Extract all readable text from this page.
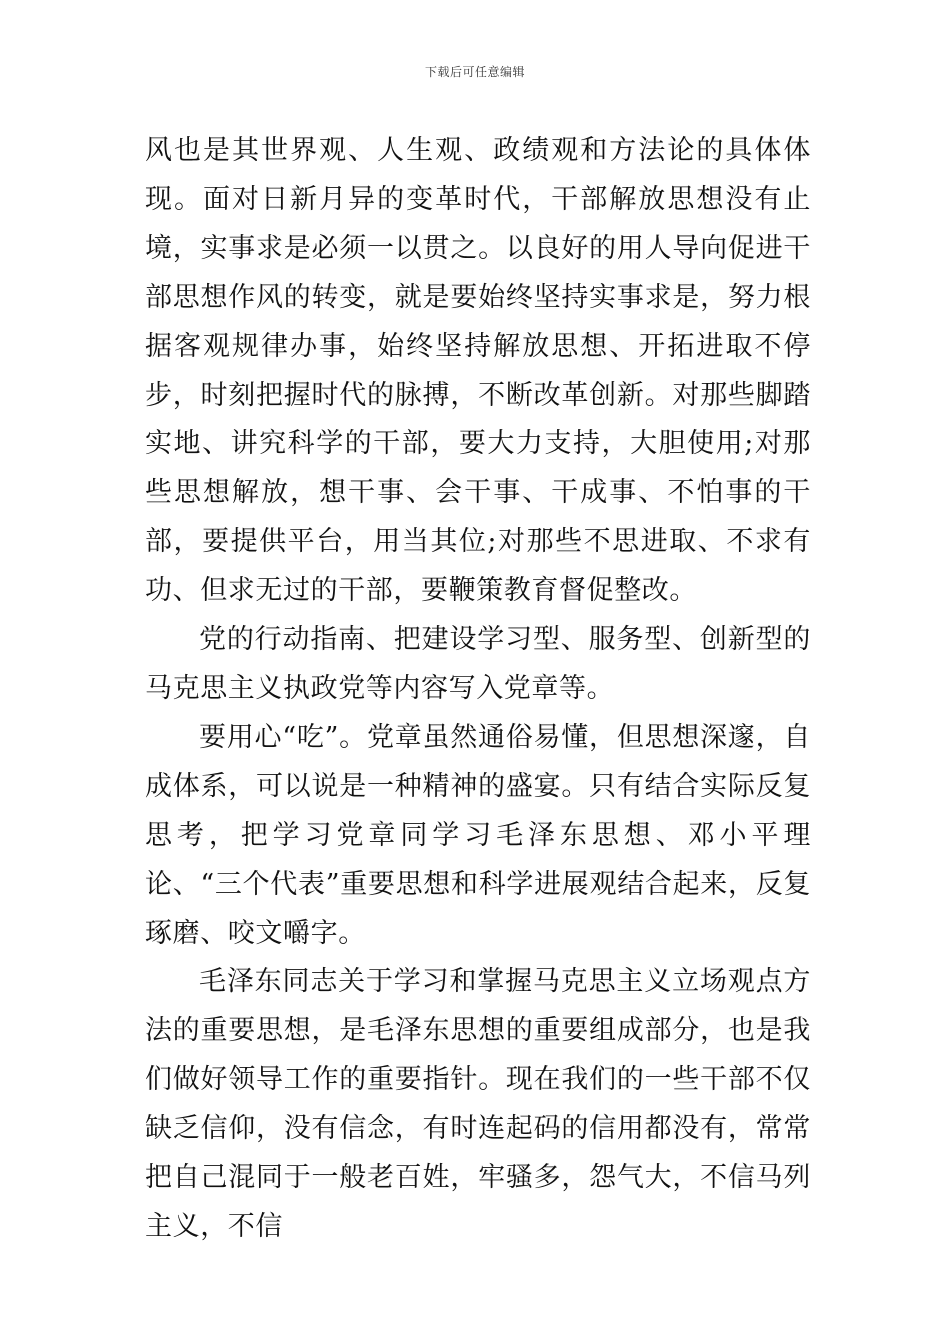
下载后可任意编辑

风也是其世界观、人生观、政绩观和方法论的具体体现。面对日新月异的变革时代，干部解放思想没有止境，实事求是必须一以贯之。以良好的用人导向促进干部思想作风的转变，就是要始终坚持实事求是，努力根据客观规律办事，始终坚持解放思想、开拓进取不停步，时刻把握时代的脉搏，不断改革创新。对那些脚踏实地、讲究科学的干部，要大力支持，大胆使用;对那些思想解放，想干事、会干事、干成事、不怕事的干部，要提供平台，用当其位;对那些不思进取、不求有功、但求无过的干部，要鞭策教育督促整改。

党的行动指南、把建设学习型、服务型、创新型的马克思主义执政党等内容写入党章等。

要用心“吃”。党章虽然通俗易懂，但思想深邃，自成体系，可以说是一种精神的盛宴。只有结合实际反复思考，把学习党章同学习毛泽东思想、邓小平理论、“三个代表”重要思想和科学进展观结合起来，反复琢磨、咬文嚼字。

毛泽东同志关于学习和掌握马克思主义立场观点方法的重要思想，是毛泽东思想的重要组成部分，也是我们做好领导工作的重要指针。现在我们的一些干部不仅缺乏信仰，没有信念，有时连起码的信用都没有，常常把自己混同于一般老百姓，牢骚多，怨气大，不信马列主义，不信
